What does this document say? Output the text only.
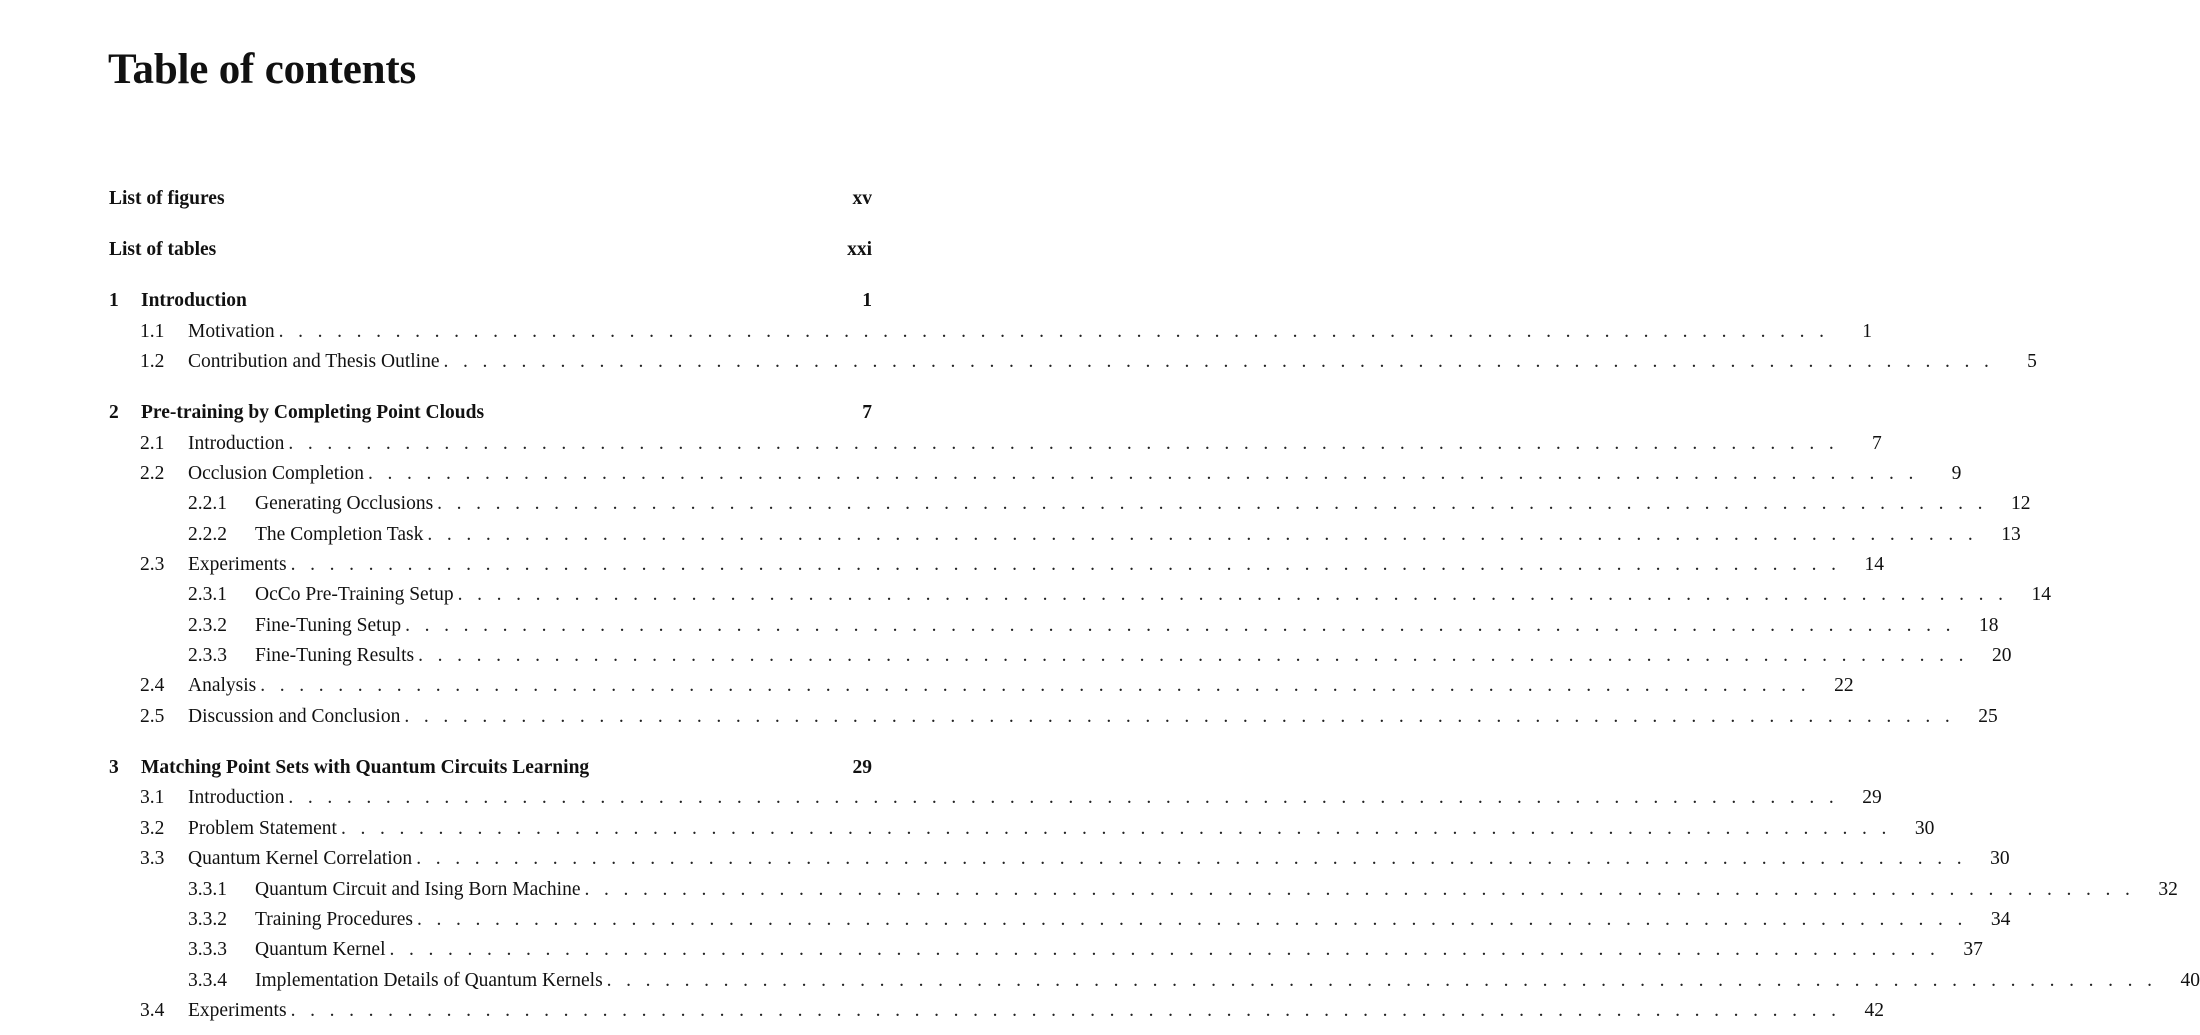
Table of contents
List of figures	xv
List of tables	xxi
1	Introduction	1
1.1	Motivation .   .   .   .   .   .   .   .   .   .   .   .   .   .   .   .   .   .   .   .   .   .   .   .   .   .   .   .   .   .   .   .   .   .   .   .   .   .   .   .   .   .   .   .   .   .   .   .   .   .   .   .   .   .   .   .   .   .   .   .   .   .   .   .   .   .   .   .   .   .   .   .   .   .   .   .   .   .   .   .	1
1.2	Contribution and Thesis Outline .   .   .   .   .   .   .   .   .   .   .   .   .   .   .   .   .   .   .   .   .   .   .   .   .   .   .   .   .   .   .   .   .   .   .   .   .   .   .   .   .   .   .   .   .   .   .   .   .   .   .   .   .   .   .   .   .   .   .   .   .   .   .   .   .   .   .   .   .   .   .   .   .   .   .   .   .   .   .   .	5
2	Pre-training by Completing Point Clouds	7
2.1	Introduction .   .   .   .   .   .   .   .   .   .   .   .   .   .   .   .   .   .   .   .   .   .   .   .   .   .   .   .   .   .   .   .   .   .   .   .   .   .   .   .   .   .   .   .   .   .   .   .   .   .   .   .   .   .   .   .   .   .   .   .   .   .   .   .   .   .   .   .   .   .   .   .   .   .   .   .   .   .   .   .	7
2.2	Occlusion Completion .   .   .   .   .   .   .   .   .   .   .   .   .   .   .   .   .   .   .   .   .   .   .   .   .   .   .   .   .   .   .   .   .   .   .   .   .   .   .   .   .   .   .   .   .   .   .   .   .   .   .   .   .   .   .   .   .   .   .   .   .   .   .   .   .   .   .   .   .   .   .   .   .   .   .   .   .   .   .   .	9
2.2.1	Generating Occlusions .   .   .   .   .   .   .   .   .   .   .   .   .   .   .   .   .   .   .   .   .   .   .   .   .   .   .   .   .   .   .   .   .   .   .   .   .   .   .   .   .   .   .   .   .   .   .   .   .   .   .   .   .   .   .   .   .   .   .   .   .   .   .   .   .   .   .   .   .   .   .   .   .   .   .   .   .   .   .   .	12
2.2.2	The Completion Task .   .   .   .   .   .   .   .   .   .   .   .   .   .   .   .   .   .   .   .   .   .   .   .   .   .   .   .   .   .   .   .   .   .   .   .   .   .   .   .   .   .   .   .   .   .   .   .   .   .   .   .   .   .   .   .   .   .   .   .   .   .   .   .   .   .   .   .   .   .   .   .   .   .   .   .   .   .   .   .	13
2.3	Experiments .   .   .   .   .   .   .   .   .   .   .   .   .   .   .   .   .   .   .   .   .   .   .   .   .   .   .   .   .   .   .   .   .   .   .   .   .   .   .   .   .   .   .   .   .   .   .   .   .   .   .   .   .   .   .   .   .   .   .   .   .   .   .   .   .   .   .   .   .   .   .   .   .   .   .   .   .   .   .   .	14
2.3.1	OcCo Pre-Training Setup .   .   .   .   .   .   .   .   .   .   .   .   .   .   .   .   .   .   .   .   .   .   .   .   .   .   .   .   .   .   .   .   .   .   .   .   .   .   .   .   .   .   .   .   .   .   .   .   .   .   .   .   .   .   .   .   .   .   .   .   .   .   .   .   .   .   .   .   .   .   .   .   .   .   .   .   .   .   .   .	14
2.3.2	Fine-Tuning Setup .   .   .   .   .   .   .   .   .   .   .   .   .   .   .   .   .   .   .   .   .   .   .   .   .   .   .   .   .   .   .   .   .   .   .   .   .   .   .   .   .   .   .   .   .   .   .   .   .   .   .   .   .   .   .   .   .   .   .   .   .   .   .   .   .   .   .   .   .   .   .   .   .   .   .   .   .   .   .   .	18
2.3.3	Fine-Tuning Results .   .   .   .   .   .   .   .   .   .   .   .   .   .   .   .   .   .   .   .   .   .   .   .   .   .   .   .   .   .   .   .   .   .   .   .   .   .   .   .   .   .   .   .   .   .   .   .   .   .   .   .   .   .   .   .   .   .   .   .   .   .   .   .   .   .   .   .   .   .   .   .   .   .   .   .   .   .   .   .	20
2.4	Analysis .   .   .   .   .   .   .   .   .   .   .   .   .   .   .   .   .   .   .   .   .   .   .   .   .   .   .   .   .   .   .   .   .   .   .   .   .   .   .   .   .   .   .   .   .   .   .   .   .   .   .   .   .   .   .   .   .   .   .   .   .   .   .   .   .   .   .   .   .   .   .   .   .   .   .   .   .   .   .   .	22
2.5	Discussion and Conclusion .   .   .   .   .   .   .   .   .   .   .   .   .   .   .   .   .   .   .   .   .   .   .   .   .   .   .   .   .   .   .   .   .   .   .   .   .   .   .   .   .   .   .   .   .   .   .   .   .   .   .   .   .   .   .   .   .   .   .   .   .   .   .   .   .   .   .   .   .   .   .   .   .   .   .   .   .   .   .   .	25
3	Matching Point Sets with Quantum Circuits Learning	29
3.1	Introduction .   .   .   .   .   .   .   .   .   .   .   .   .   .   .   .   .   .   .   .   .   .   .   .   .   .   .   .   .   .   .   .   .   .   .   .   .   .   .   .   .   .   .   .   .   .   .   .   .   .   .   .   .   .   .   .   .   .   .   .   .   .   .   .   .   .   .   .   .   .   .   .   .   .   .   .   .   .   .   .	29
3.2	Problem Statement .   .   .   .   .   .   .   .   .   .   .   .   .   .   .   .   .   .   .   .   .   .   .   .   .   .   .   .   .   .   .   .   .   .   .   .   .   .   .   .   .   .   .   .   .   .   .   .   .   .   .   .   .   .   .   .   .   .   .   .   .   .   .   .   .   .   .   .   .   .   .   .   .   .   .   .   .   .   .   .	30
3.3	Quantum Kernel Correlation .   .   .   .   .   .   .   .   .   .   .   .   .   .   .   .   .   .   .   .   .   .   .   .   .   .   .   .   .   .   .   .   .   .   .   .   .   .   .   .   .   .   .   .   .   .   .   .   .   .   .   .   .   .   .   .   .   .   .   .   .   .   .   .   .   .   .   .   .   .   .   .   .   .   .   .   .   .   .   .	30
3.3.1	Quantum Circuit and Ising Born Machine .   .   .   .   .   .   .   .   .   .   .   .   .   .   .   .   .   .   .   .   .   .   .   .   .   .   .   .   .   .   .   .   .   .   .   .   .   .   .   .   .   .   .   .   .   .   .   .   .   .   .   .   .   .   .   .   .   .   .   .   .   .   .   .   .   .   .   .   .   .   .   .   .   .   .   .   .   .   .   .	32
3.3.2	Training Procedures .   .   .   .   .   .   .   .   .   .   .   .   .   .   .   .   .   .   .   .   .   .   .   .   .   .   .   .   .   .   .   .   .   .   .   .   .   .   .   .   .   .   .   .   .   .   .   .   .   .   .   .   .   .   .   .   .   .   .   .   .   .   .   .   .   .   .   .   .   .   .   .   .   .   .   .   .   .   .   .	34
3.3.3	Quantum Kernel .   .   .   .   .   .   .   .   .   .   .   .   .   .   .   .   .   .   .   .   .   .   .   .   .   .   .   .   .   .   .   .   .   .   .   .   .   .   .   .   .   .   .   .   .   .   .   .   .   .   .   .   .   .   .   .   .   .   .   .   .   .   .   .   .   .   .   .   .   .   .   .   .   .   .   .   .   .   .   .	37
3.3.4	Implementation Details of Quantum Kernels .   .   .   .   .   .   .   .   .   .   .   .   .   .   .   .   .   .   .   .   .   .   .   .   .   .   .   .   .   .   .   .   .   .   .   .   .   .   .   .   .   .   .   .   .   .   .   .   .   .   .   .   .   .   .   .   .   .   .   .   .   .   .   .   .   .   .   .   .   .   .   .   .   .   .   .   .   .   .   .	40
3.4	Experiments .   .   .   .   .   .   .   .   .   .   .   .   .   .   .   .   .   .   .   .   .   .   .   .   .   .   .   .   .   .   .   .   .   .   .   .   .   .   .   .   .   .   .   .   .   .   .   .   .   .   .   .   .   .   .   .   .   .   .   .   .   .   .   .   .   .   .   .   .   .   .   .   .   .   .   .   .   .   .   .	42
